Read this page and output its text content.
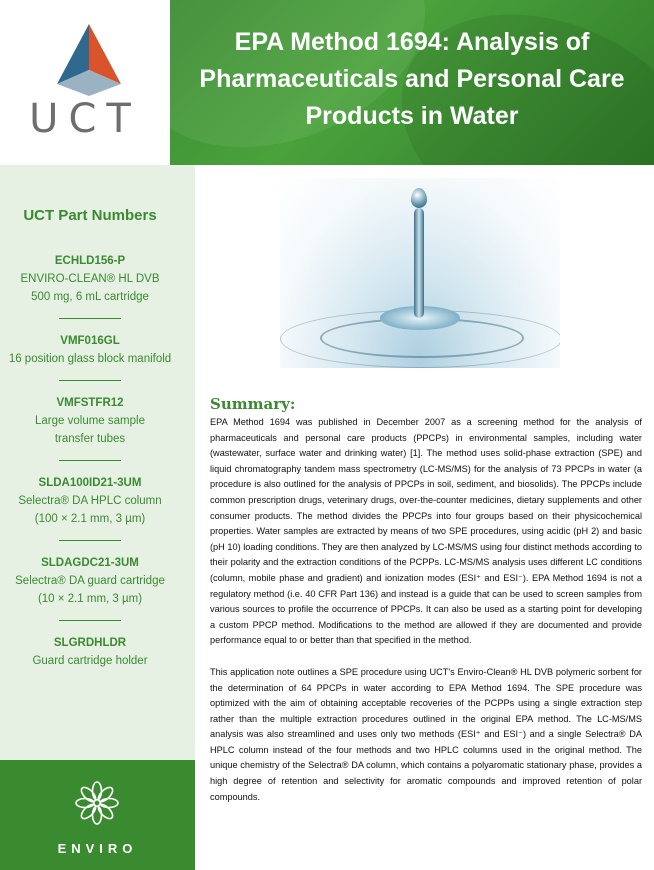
UCT
EPA Method 1694: Analysis of
Pharmaceuticals and Personal Care
Products in Water
UCT Part Numbers
ECHLD156-P
ENVIRO-CLEAN® HL DVB
500 mg, 6 mL cartridge
VMF016GL
16 position glass block manifold
VMFSTFR12
Large volume sample
transfer tubes
SLDA100ID21-3UM
Selectra® DA HPLC column
(100 × 2.1 mm, 3 µm)
SLDAGDC21-3UM
Selectra® DA guard cartridge
(10 × 2.1 mm, 3 µm)
SLGRDHLDR
Guard cartridge holder
ENVIRO
Summary:

EPA Method 1694 was published in December 2007 as a screening method for the analysis of pharmaceuticals and personal care products (PPCPs) in environmental samples, including water (wastewater, surface water and drinking water) [1]. The method uses solid-phase extraction (SPE) and liquid chromatography tandem mass spectrometry (LC-MS/MS) for the analysis of 73 PPCPs in water (a procedure is also outlined for the analysis of PPCPs in soil, sediment, and biosolids). The PPCPs include common prescription drugs, veterinary drugs, over-the-counter medicines, dietary supplements and other consumer products. The method divides the PPCPs into four groups based on their physicochemical properties. Water samples are extracted by means of two SPE procedures, using acidic (pH 2) and basic (pH 10) loading conditions. They are then analyzed by LC-MS/MS using four distinct methods according to their polarity and the extraction conditions of the PCPPs. LC-MS/MS analysis uses different LC conditions (column, mobile phase and gradient) and ionization modes (ESI⁺ and ESI⁻). EPA Method 1694 is not a regulatory method (i.e. 40 CFR Part 136) and instead is a guide that can be used to screen samples from various sources to profile the occurrence of PPCPs. It can also be used as a starting point for developing a custom PPCP method. Modifications to the method are allowed if they are documented and provide performance equal to or better than that specified in the method.

This application note outlines a SPE procedure using UCT's Enviro-Clean® HL DVB polymeric sorbent for the determination of 64 PPCPs in water according to EPA Method 1694. The SPE procedure was optimized with the aim of obtaining acceptable recoveries of the PCPPs using a single extraction step rather than the multiple extraction procedures outlined in the original EPA method. The LC-MS/MS analysis was also streamlined and uses only two methods (ESI⁺ and ESI⁻) and a single Selectra® DA HPLC column instead of the four methods and two HPLC columns used in the original method. The unique chemistry of the Selectra® DA column, which contains a polyaromatic stationary phase, provides a high degree of retention and selectivity for aromatic compounds and improved retention of polar compounds.
